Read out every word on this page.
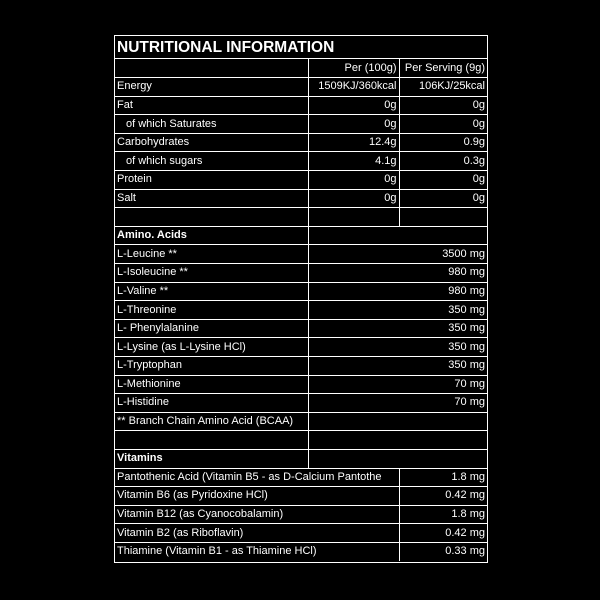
NUTRITIONAL INFORMATION
	Per (100g)	Per Serving (9g)
Energy	1509KJ/360kcal	106KJ/25kcal
Fat	0g	0g
of which Saturates	0g	0g
Carbohydrates	12.4g	0.9g
of which sugars	4.1g	0.3g
Protein	0g	0g
Salt	0g	0g

Amino. Acids		
L-Leucine **	3500 mg	
L-Isoleucine **	980 mg	
L-Valine **	980 mg	
L-Threonine	350 mg	
L- Phenylalanine	350 mg	
L-Lysine (as L-Lysine HCl)	350 mg	
L-Tryptophan	350 mg	
L-Methionine	70 mg	
L-Histidine	70 mg	
** Branch Chain Amino Acid (BCAA)		

Vitamins		
Pantothenic Acid (Vitamin B5 - as D-Calcium Pantothe		1.8 mg
Vitamin B6 (as Pyridoxine HCl)		0.42 mg
Vitamin B12 (as Cyanocobalamin)		1.8 mg
Vitamin B2 (as Riboflavin)		0.42 mg
Thiamine (Vitamin B1 - as Thiamine HCl)		0.33 mg
